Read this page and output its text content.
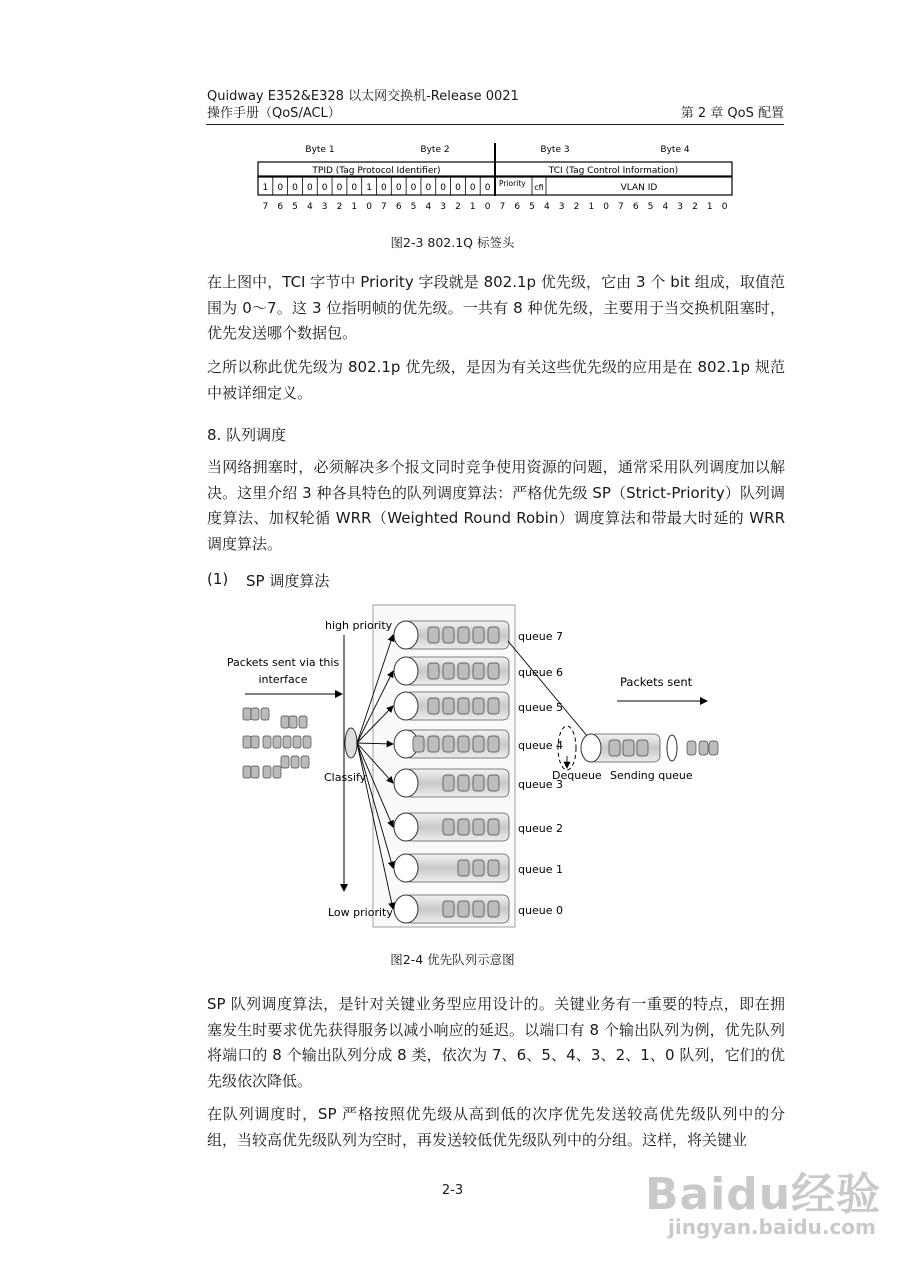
Quidway E352&E328 以太网交换机-Release 0021
操作手册（QoS/ACL）	第 2 章 QoS 配置
Byte 1	Byte 2	Byte 3	Byte 4
TPID (Tag Protocol Identifier)	TCI (Tag Control Information)
1 0 0 0 0 0 0 1 0 0 0 0 0 0 0 0 Priority cfi	VLAN ID
7 6 5 4 3 2 1 0 7 6 5 4 3 2 1 0 7 6 5 4 3 2 1 0 7 6 5 4 3 2 1 0
图2-3 802.1Q 标签头
在上图中，TCI 字节中 Priority 字段就是 802.1p 优先级，它由 3 个 bit 组成，取值范围为 0～7。这 3 位指明帧的优先级。一共有 8 种优先级，主要用于当交换机阻塞时，优先发送哪个数据包。
之所以称此优先级为 802.1p 优先级，是因为有关这些优先级的应用是在 802.1p 规范中被详细定义。
8. 队列调度
当网络拥塞时，必须解决多个报文同时竞争使用资源的问题，通常采用队列调度加以解决。这里介绍 3 种各具特色的队列调度算法：严格优先级 SP（Strict-Priority）队列调度算法、加权轮循 WRR（Weighted Round Robin）调度算法和带最大时延的 WRR 调度算法。
(1) SP 调度算法
high priority
Low priority
Packets sent via this
interface
Classify
queue 7
queue 6
queue 5
queue 4
queue 3
queue 2
queue 1
queue 0
Dequeue Sending queue
Packets sent
图2-4 优先队列示意图
SP 队列调度算法，是针对关键业务型应用设计的。关键业务有一重要的特点，即在拥塞发生时要求优先获得服务以减小响应的延迟。以端口有 8 个输出队列为例，优先队列将端口的 8 个输出队列分成 8 类，依次为 7、6、5、4、3、2、1、0 队列，它们的优先级依次降低。
在队列调度时，SP 严格按照优先级从高到低的次序优先发送较高优先级队列中的分组，当较高优先级队列为空时，再发送较低优先级队列中的分组。这样，将关键业
2-3	Baidu经验
jingyan.baidu.com
